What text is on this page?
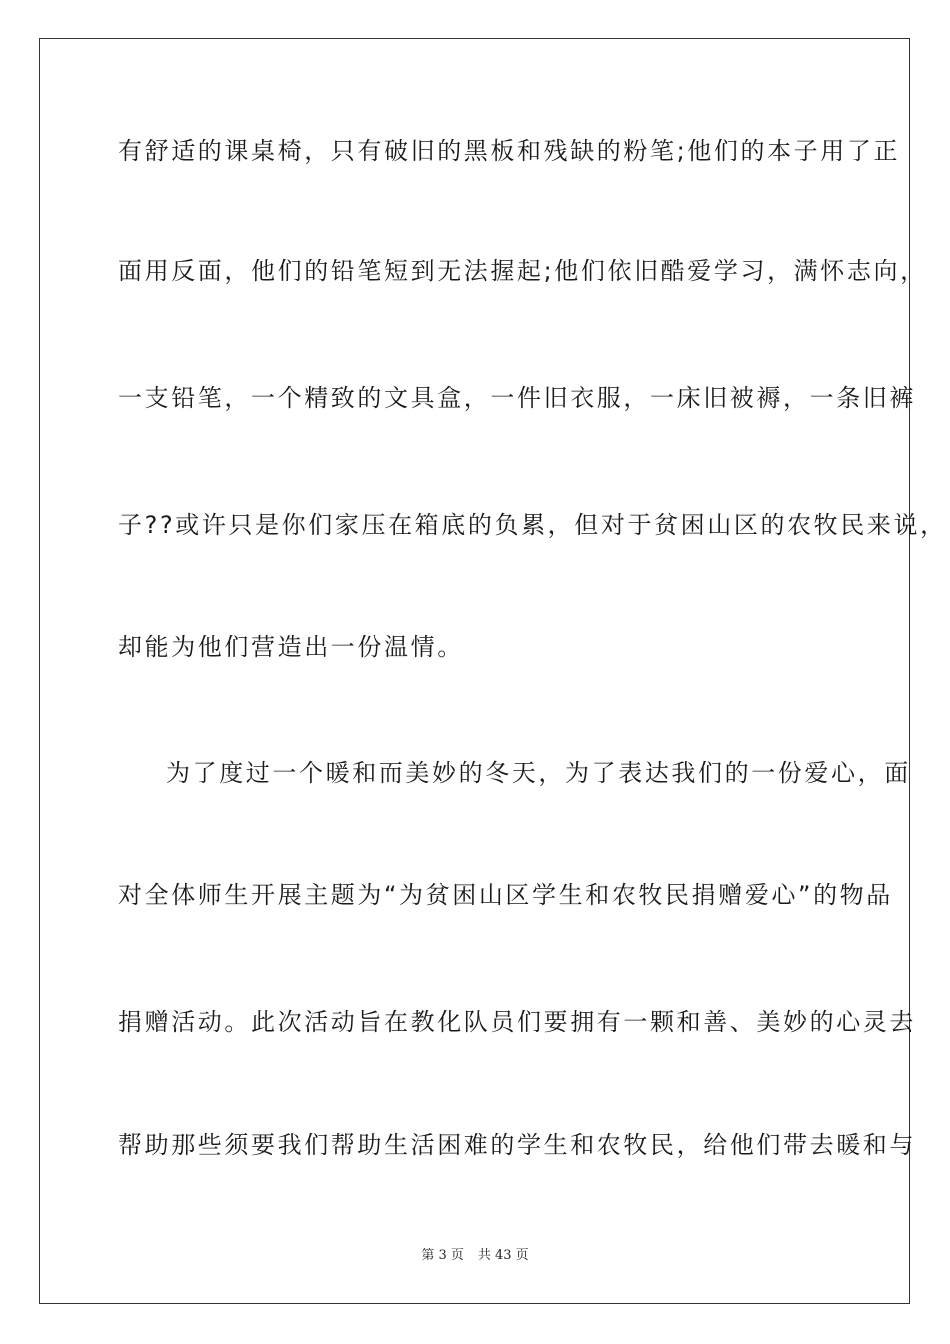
有舒适的课桌椅，只有破旧的黑板和残缺的粉笔;他们的本子用了正
面用反面，他们的铅笔短到无法握起;他们依旧酷爱学习，满怀志向，
一支铅笔，一个精致的文具盒，一件旧衣服，一床旧被褥，一条旧裤
子??或许只是你们家压在箱底的负累，但对于贫困山区的农牧民来说，
却能为他们营造出一份温情。
为了度过一个暖和而美妙的冬天，为了表达我们的一份爱心，面
对全体师生开展主题为“为贫困山区学生和农牧民捐赠爱心”的物品
捐赠活动。此次活动旨在教化队员们要拥有一颗和善、美妙的心灵去
帮助那些须要我们帮助生活困难的学生和农牧民，给他们带去暖和与
第 3 页 共 43 页
